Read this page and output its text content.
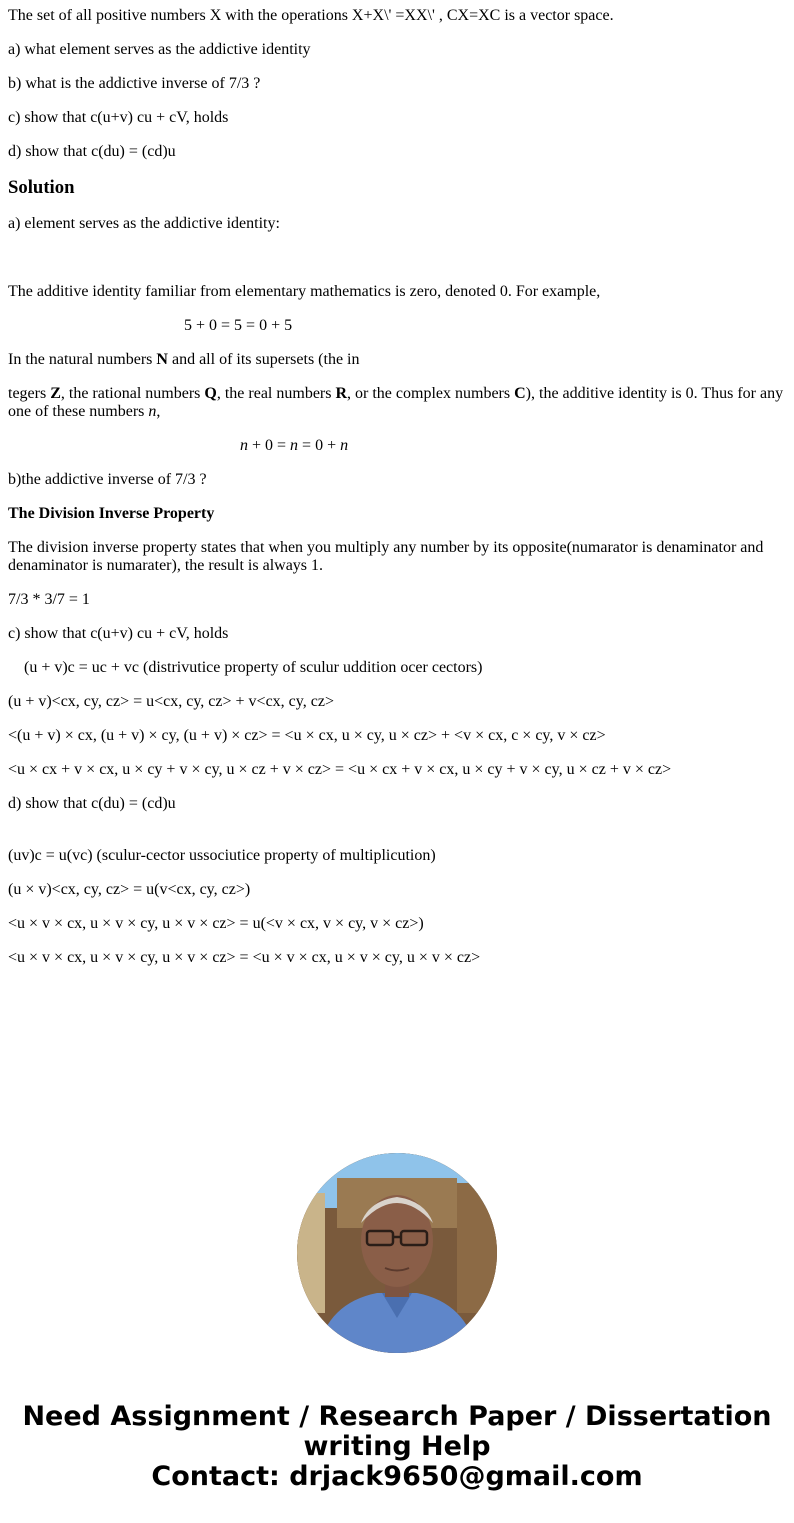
The set of all positive numbers X with the operations X+X\' =XX\' , CX=XC is a vector space.

a) what element serves as the addictive identity

b) what is the addictive inverse of 7/3 ?

c) show that c(u+v) cu + cV, holds

d) show that c(du) = (cd)u

Solution

a) element serves as the addictive identity:

The additive identity familiar from elementary mathematics is zero, denoted 0. For example,

5 + 0 = 5 = 0 + 5

In the natural numbers N and all of its supersets (the in

tegers Z, the rational numbers Q, the real numbers R, or the complex numbers C), the additive identity is 0. Thus for any one of these numbers n,

n + 0 = n = 0 + n

b)the addictive inverse of 7/3 ?

The Division Inverse Property

The division inverse property states that when you multiply any number by its opposite(numarator is denaminator and denaminator is numarater), the result is always 1.

7/3 * 3/7 = 1

c) show that c(u+v) cu + cV, holds

(u + v)c = uc + vc (distrivutice property of sculur uddition ocer cectors)

(u + v)<cx, cy, cz> = u<cx, cy, cz> + v<cx, cy, cz>

<(u + v) × cx, (u + v) × cy, (u + v) × cz> = <u × cx, u × cy, u × cz> + <v × cx, c × cy, v × cz>

<u × cx + v × cx, u × cy + v × cy, u × cz + v × cz> = <u × cx + v × cx, u × cy + v × cy, u × cz + v × cz>

d) show that c(du) = (cd)u

(uv)c = u(vc) (sculur-cector ussociutice property of multiplicution)

(u × v)<cx, cy, cz> = u(v<cx, cy, cz>)

<u × v × cx, u × v × cy, u × v × cz> = u(<v × cx, v × cy, v × cz>)

<u × v × cx, u × v × cy, u × v × cz> = <u × v × cx, u × v × cy, u × v × cz>

Need Assignment / Research Paper / Dissertation
writing Help
Contact: drjack9650@gmail.com
